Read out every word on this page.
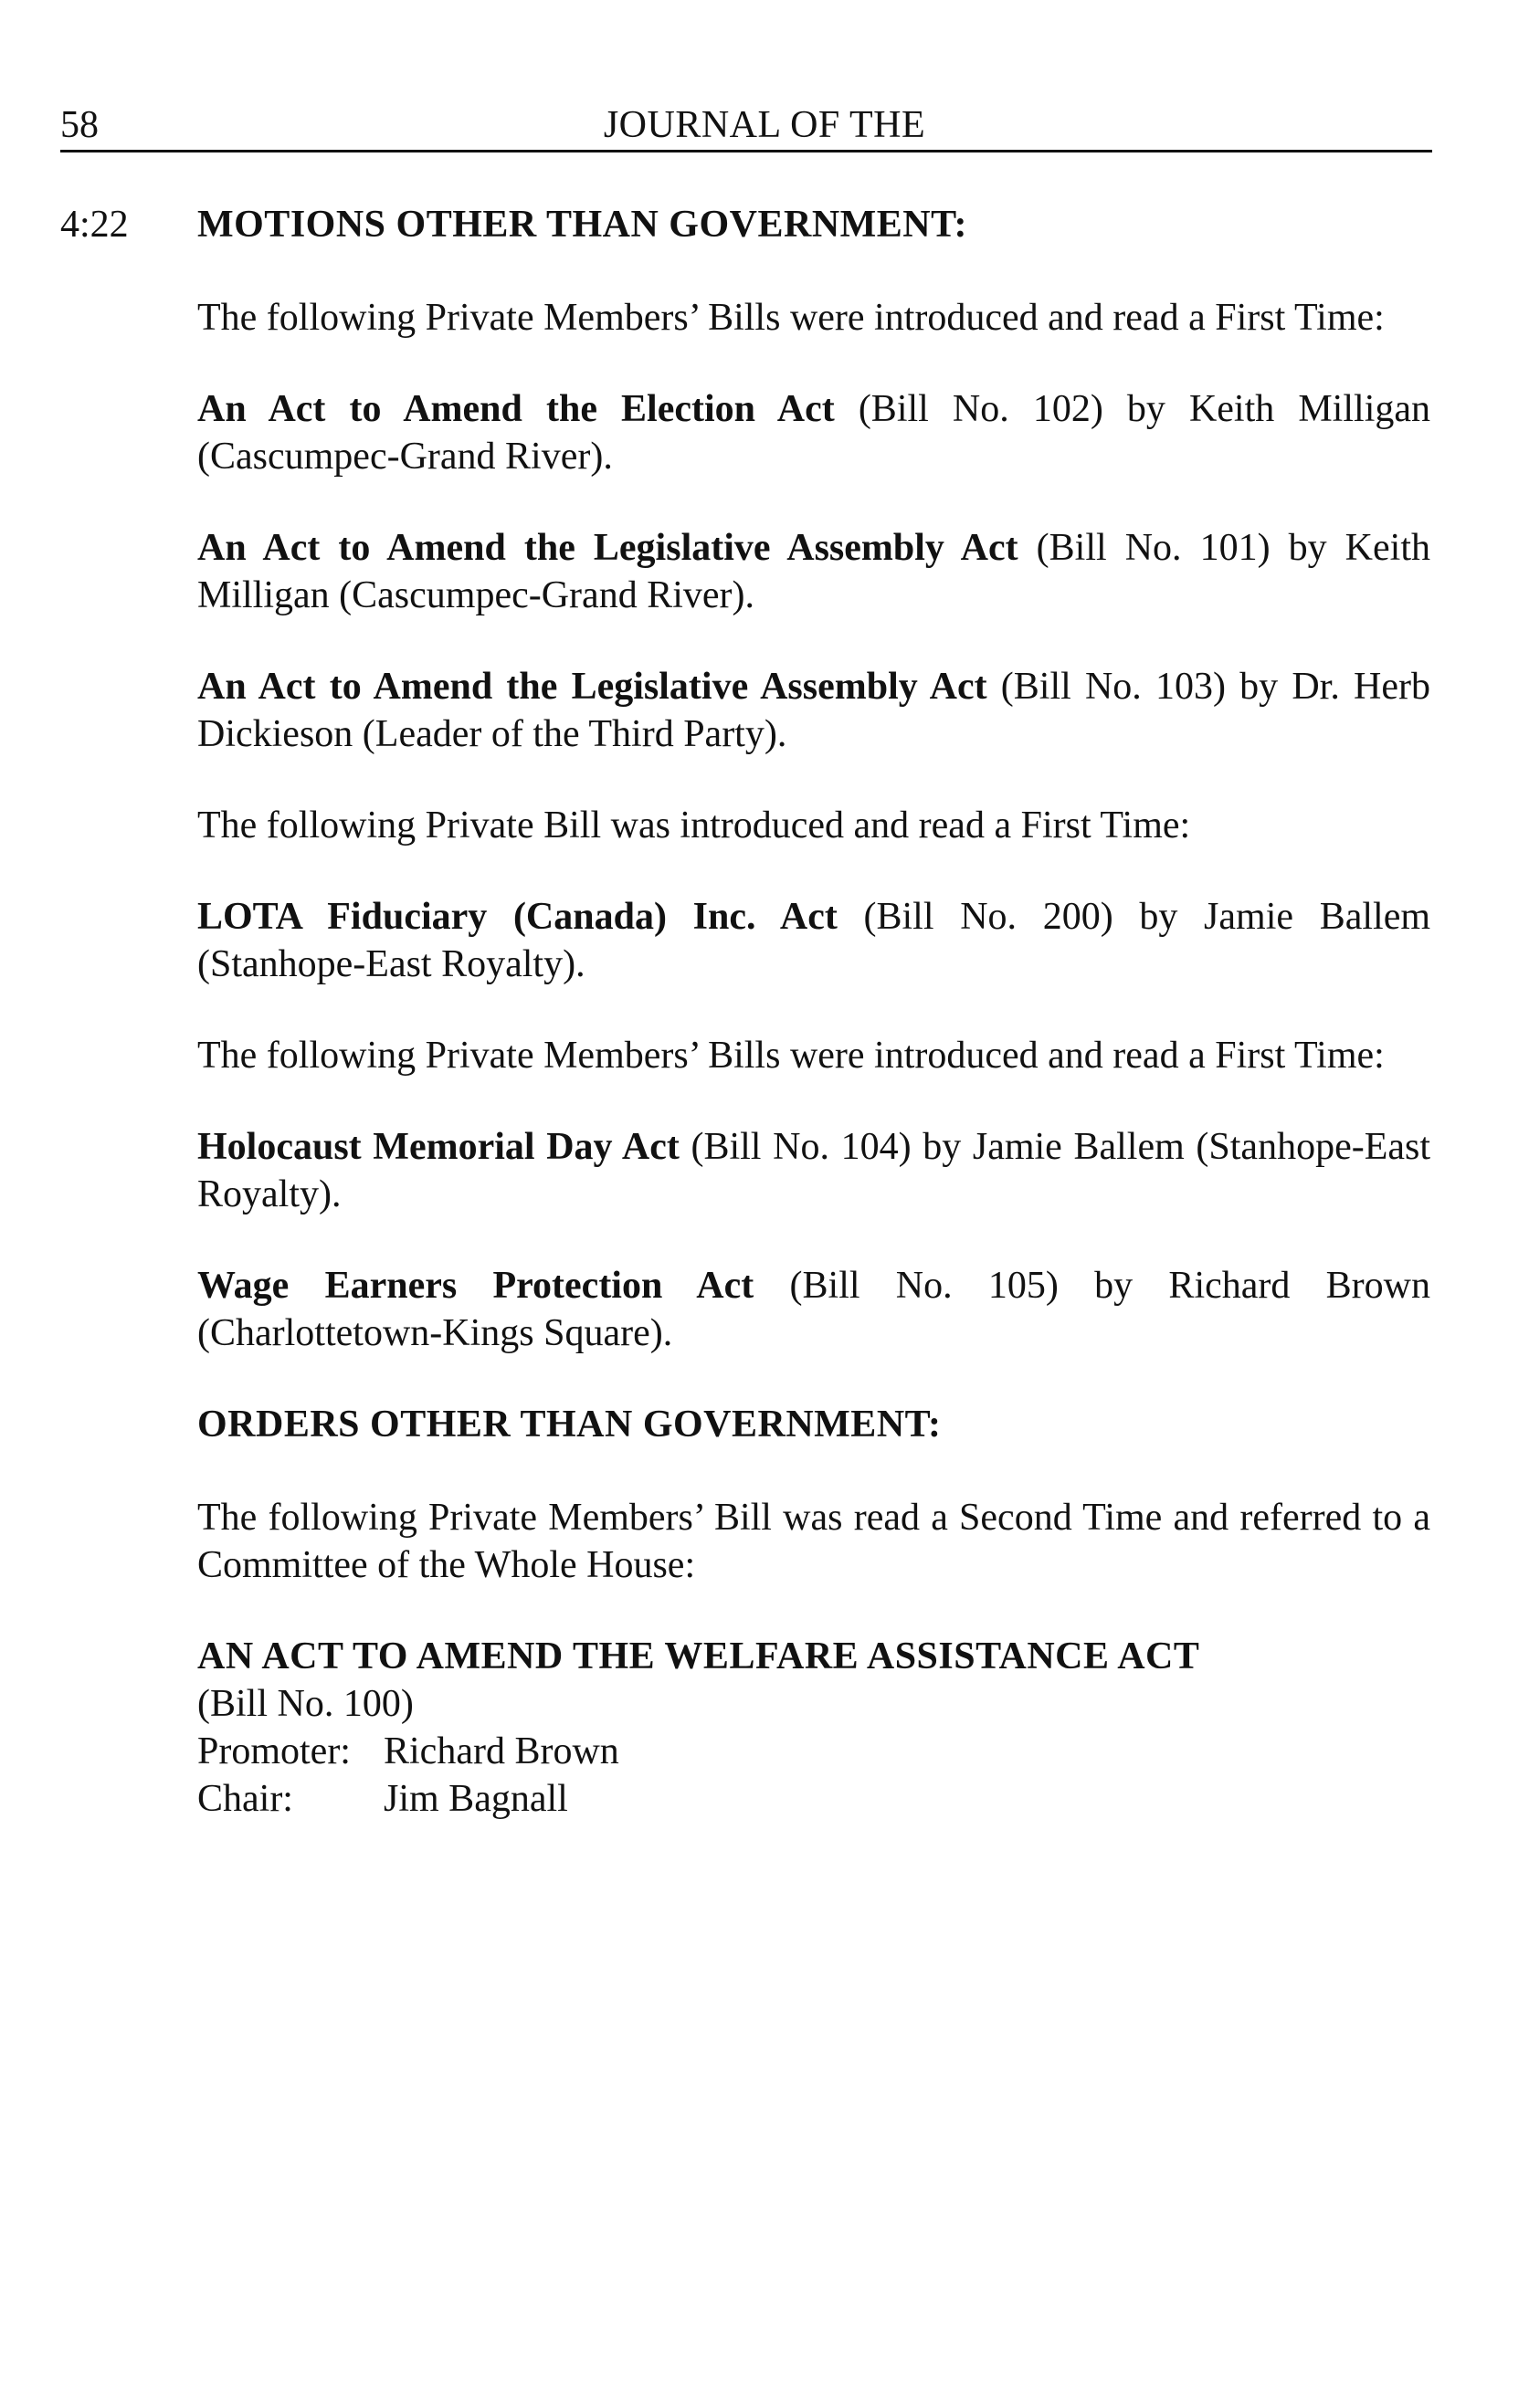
58	JOURNAL OF THE
4:22 MOTIONS OTHER THAN GOVERNMENT:

The following Private Members’ Bills were introduced and read a First Time:

An Act to Amend the Election Act (Bill No. 102) by Keith Milligan (Cascumpec-Grand River).

An Act to Amend the Legislative Assembly Act (Bill No. 101) by Keith Milligan (Cascumpec-Grand River).

An Act to Amend the Legislative Assembly Act (Bill No. 103) by Dr. Herb Dickieson (Leader of the Third Party).

The following Private Bill was introduced and read a First Time:

LOTA Fiduciary (Canada) Inc. Act (Bill No. 200) by Jamie Ballem (Stanhope-East Royalty).

The following Private Members’ Bills were introduced and read a First Time:

Holocaust Memorial Day Act (Bill No. 104) by Jamie Ballem (Stanhope-East Royalty).

Wage Earners Protection Act (Bill No. 105) by Richard Brown (Charlottetown-Kings Square).

ORDERS OTHER THAN GOVERNMENT:

The following Private Members’ Bill was read a Second Time and referred to a Committee of the Whole House:

AN ACT TO AMEND THE WELFARE ASSISTANCE ACT
(Bill No. 100)
Promoter: Richard Brown
Chair:	Jim Bagnall
